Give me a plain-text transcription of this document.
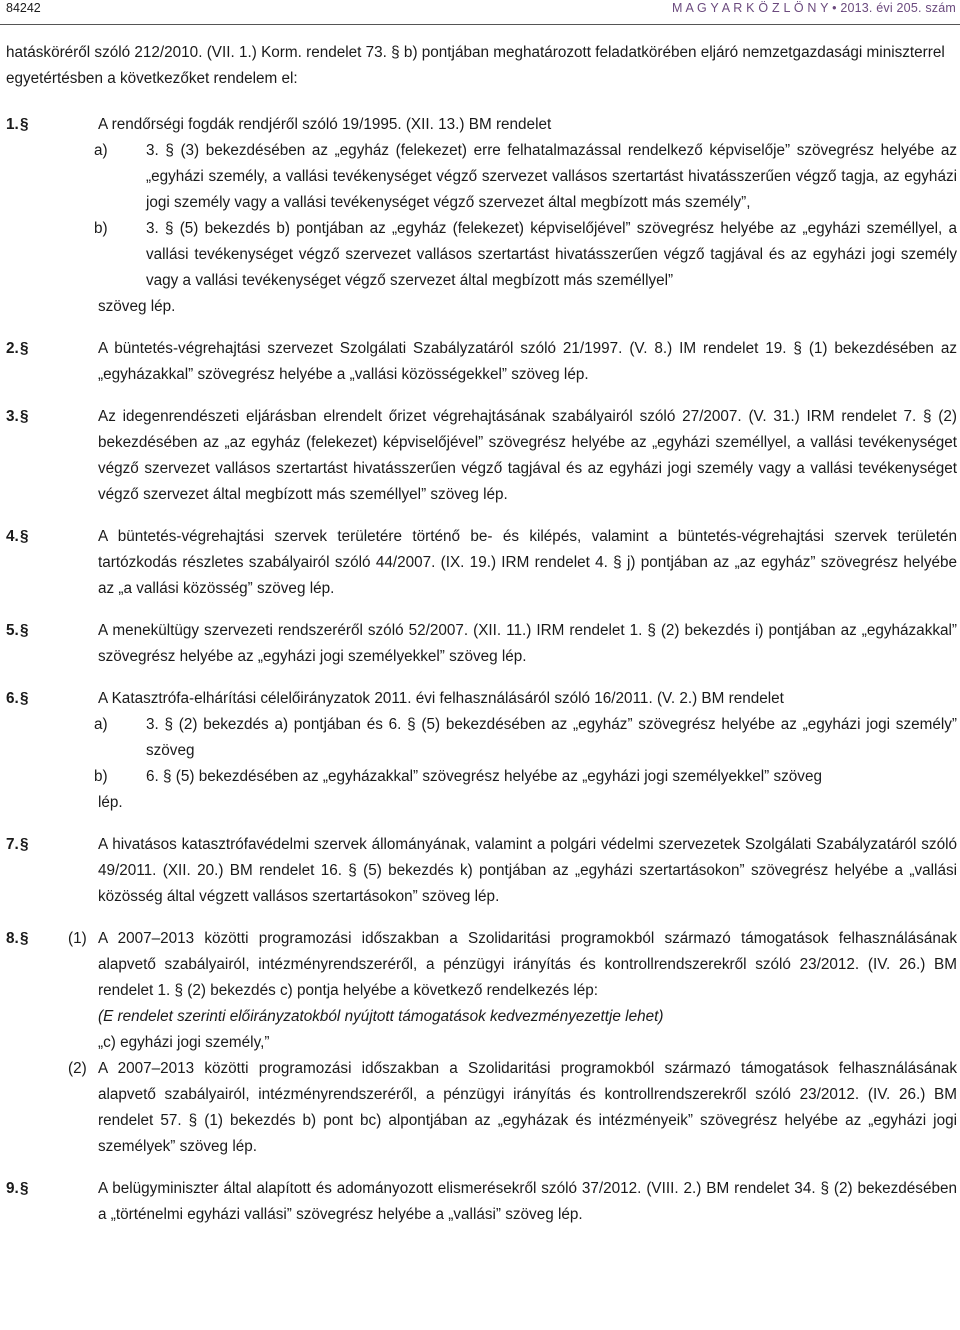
84242	M A G Y A R K Ö Z L Ö N Y • 2013. évi 205. szám

hatásköréről szóló 212/2010. (VII. 1.) Korm. rendelet 73. § b) pontjában meghatározott feladatkörében eljáró nemzetgazdasági miniszterrel egyetértésben a következőket rendelem el:

1. §	A rendőrségi fogdák rendjéről szóló 19/1995. (XII. 13.) BM rendelet

a)	3. § (3) bekezdésében az „egyház (felekezet) erre felhatalmazással rendelkező képviselője” szövegrész helyébe az „egyházi személy, a vallási tevékenységet végző szervezet vallásos szertartást hivatásszerűen végző tagja, az egyházi jogi személy vagy a vallási tevékenységet végző szervezet által megbízott más személy”,

b)	3. § (5) bekezdés b) pontjában az „egyház (felekezet) képviselőjével” szövegrész helyébe az „egyházi személlyel, a vallási tevékenységet végző szervezet vallásos szertartást hivatásszerűen végző tagjával és az egyházi jogi személy vagy a vallási tevékenységet végző szervezet által megbízott más személlyel”

szöveg lép.

2. §	A büntetés-végrehajtási szervezet Szolgálati Szabályzatáról szóló 21/1997. (V. 8.) IM rendelet 19. § (1) bekezdésében az „egyházakkal” szövegrész helyébe a „vallási közösségekkel” szöveg lép.

3. §	Az idegenrendészeti eljárásban elrendelt őrizet végrehajtásának szabályairól szóló 27/2007. (V. 31.) IRM rendelet 7. § (2) bekezdésében az „az egyház (felekezet) képviselőjével” szövegrész helyébe az „egyházi személlyel, a vallási tevékenységet végző szervezet vallásos szertartást hivatásszerűen végző tagjával és az egyházi jogi személy vagy a vallási tevékenységet végző szervezet által megbízott más személlyel” szöveg lép.

4. §	A büntetés-végrehajtási szervek területére történő be- és kilépés, valamint a büntetés-végrehajtási szervek területén tartózkodás részletes szabályairól szóló 44/2007. (IX. 19.) IRM rendelet 4. § j) pontjában az „az egyház” szövegrész helyébe az „a vallási közösség” szöveg lép.

5. §	A menekültügy szervezeti rendszeréről szóló 52/2007. (XII. 11.) IRM rendelet 1. § (2) bekezdés i) pontjában az „egyházakkal” szövegrész helyébe az „egyházi jogi személyekkel” szöveg lép.

6. §	A Katasztrófa-elhárítási célelőirányzatok 2011. évi felhasználásáról szóló 16/2011. (V. 2.) BM rendelet

a)	3. § (2) bekezdés a) pontjában és 6. § (5) bekezdésében az „egyház” szövegrész helyébe az „egyházi jogi személy” szöveg

b)	6. § (5) bekezdésében az „egyházakkal” szövegrész helyébe az „egyházi jogi személyekkel” szöveg

lép.

7. §	A hivatásos katasztrófavédelmi szervek állományának, valamint a polgári védelmi szervezetek Szolgálati Szabályzatáról szóló 49/2011. (XII. 20.) BM rendelet 16. § (5) bekezdés k) pontjában az „egyházi szertartásokon” szövegrész helyébe a „vallási közösség által végzett vallásos szertartásokon” szöveg lép.

8. §	(1) A 2007–2013 közötti programozási időszakban a Szolidaritási programokból származó támogatások felhasználásának alapvető szabályairól, intézményrendszeréről, a pénzügyi irányítás és kontrollrendszerekről szóló 23/2012. (IV. 26.) BM rendelet 1. § (2) bekezdés c) pontja helyébe a következő rendelkezés lép:

(E rendelet szerinti előirányzatokból nyújtott támogatások kedvezményezettje lehet)

„c) egyházi jogi személy,”

(2) A 2007–2013 közötti programozási időszakban a Szolidaritási programokból származó támogatások felhasználásának alapvető szabályairól, intézményrendszeréről, a pénzügyi irányítás és kontrollrendszerekről szóló 23/2012. (IV. 26.) BM rendelet 57. § (1) bekezdés b) pont bc) alpontjában az „egyházak és intézményeik” szövegrész helyébe az „egyházi jogi személyek” szöveg lép.

9. §	A belügyminiszter által alapított és adományozott elismerésekről szóló 37/2012. (VIII. 2.) BM rendelet 34. § (2) bekezdésében a „történelmi egyházi vallási” szövegrész helyébe a „vallási” szöveg lép.
